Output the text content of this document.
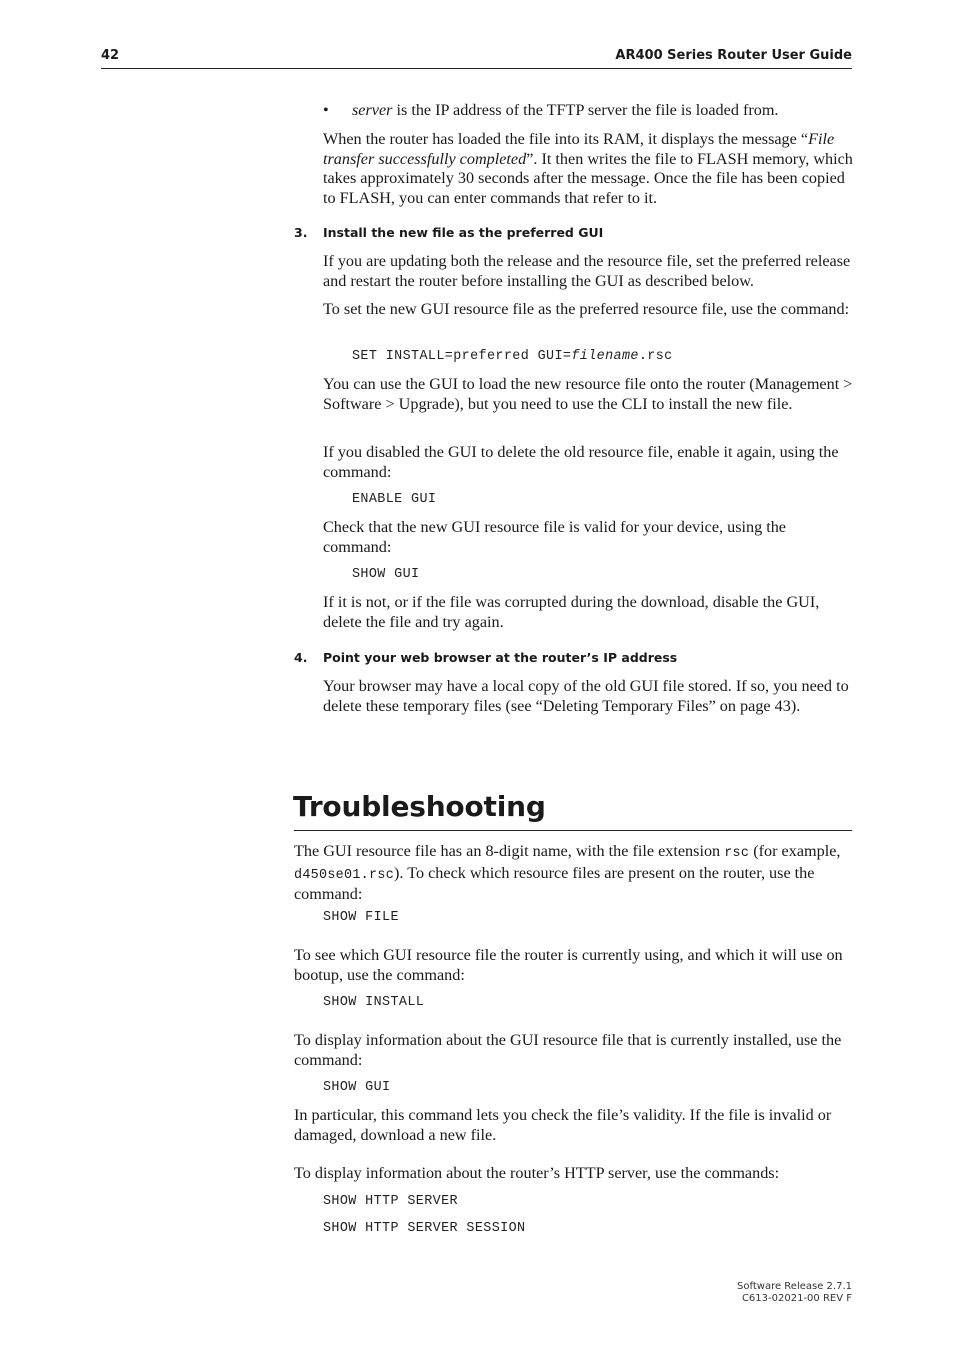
42	AR400 Series Router User Guide
• server is the IP address of the TFTP server the file is loaded from.

When the router has loaded the file into its RAM, it displays the message “File transfer successfully completed”. It then writes the file to FLASH memory, which takes approximately 30 seconds after the message. Once the file has been copied to FLASH, you can enter commands that refer to it.

3. Install the new file as the preferred GUI

If you are updating both the release and the resource file, set the preferred release and restart the router before installing the GUI as described below.

To set the new GUI resource file as the preferred resource file, use the command:

SET INSTALL=preferred GUI=filename.rsc

You can use the GUI to load the new resource file onto the router (Management > Software > Upgrade), but you need to use the CLI to install the new file.

If you disabled the GUI to delete the old resource file, enable it again, using the command:

ENABLE GUI

Check that the new GUI resource file is valid for your device, using the command:

SHOW GUI

If it is not, or if the file was corrupted during the download, disable the GUI, delete the file and try again.

4. Point your web browser at the router’s IP address

Your browser may have a local copy of the old GUI file stored. If so, you need to delete these temporary files (see “Deleting Temporary Files” on page 43).

Troubleshooting

The GUI resource file has an 8-digit name, with the file extension rsc (for example, d450se01.rsc). To check which resource files are present on the router, use the command:

SHOW FILE

To see which GUI resource file the router is currently using, and which it will use on bootup, use the command:

SHOW INSTALL

To display information about the GUI resource file that is currently installed, use the command:

SHOW GUI

In particular, this command lets you check the file’s validity. If the file is invalid or damaged, download a new file.

To display information about the router’s HTTP server, use the commands:

SHOW HTTP SERVER
SHOW HTTP SERVER SESSION
Software Release 2.7.1
C613-02021-00 REV F
